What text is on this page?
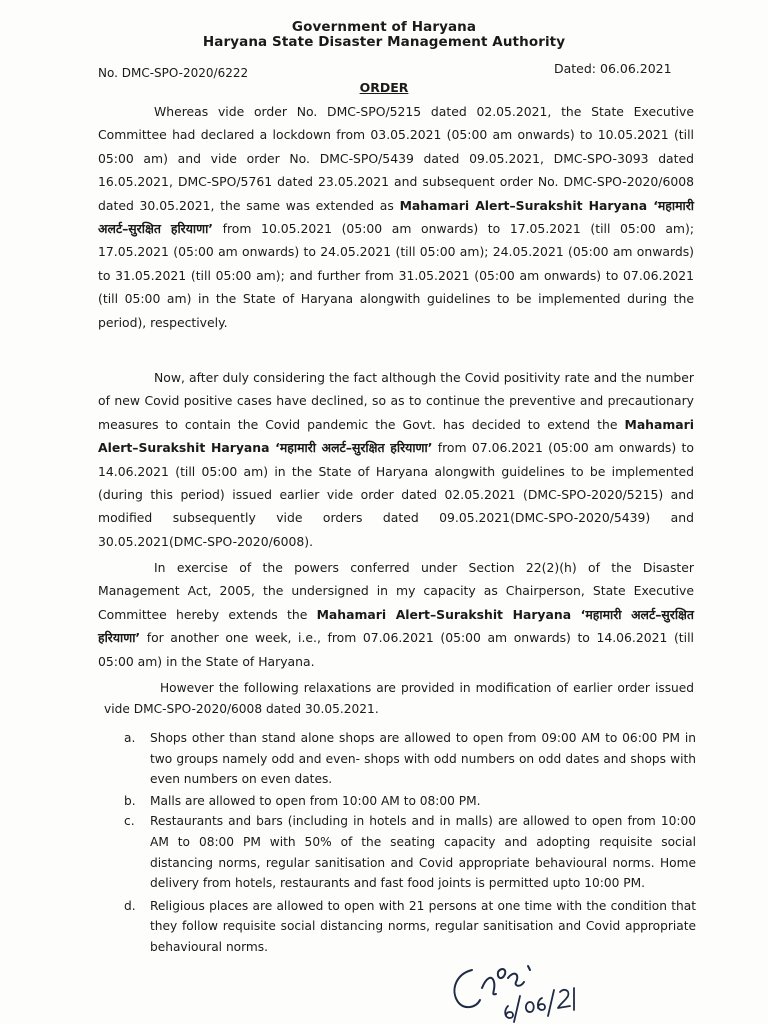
Government of Haryana
Haryana State Disaster Management Authority
No. DMC-SPO-2020/6222	Dated: 06.06.2021
ORDER
Whereas vide order No. DMC-SPO/5215 dated 02.05.2021, the State Executive Committee had declared a lockdown from 03.05.2021 (05:00 am onwards) to 10.05.2021 (till 05:00 am) and vide order No. DMC-SPO/5439 dated 09.05.2021, DMC-SPO-3093 dated 16.05.2021, DMC-SPO/5761 dated 23.05.2021 and subsequent order No. DMC-SPO-2020/6008 dated 30.05.2021, the same was extended as Mahamari Alert–Surakshit Haryana ‘महामारी अलर्ट–सुरक्षित हरियाणा’ from 10.05.2021 (05:00 am onwards) to 17.05.2021 (till 05:00 am); 17.05.2021 (05:00 am onwards) to 24.05.2021 (till 05:00 am); 24.05.2021 (05:00 am onwards) to 31.05.2021 (till 05:00 am); and further from 31.05.2021 (05:00 am onwards) to 07.06.2021 (till 05:00 am) in the State of Haryana alongwith guidelines to be implemented during the period), respectively.
Now, after duly considering the fact although the Covid positivity rate and the number of new Covid positive cases have declined, so as to continue the preventive and precautionary measures to contain the Covid pandemic the Govt. has decided to extend the Mahamari Alert–Surakshit Haryana ‘महामारी अलर्ट–सुरक्षित हरियाणा’ from 07.06.2021 (05:00 am onwards) to 14.06.2021 (till 05:00 am) in the State of Haryana alongwith guidelines to be implemented (during this period) issued earlier vide order dated 02.05.2021 (DMC-SPO-2020/5215) and modified subsequently vide orders dated 09.05.2021(DMC-SPO-2020/5439) and 30.05.2021(DMC-SPO-2020/6008).
In exercise of the powers conferred under Section 22(2)(h) of the Disaster Management Act, 2005, the undersigned in my capacity as Chairperson, State Executive Committee hereby extends the Mahamari Alert–Surakshit Haryana ‘महामारी अलर्ट–सुरक्षित हरियाणा’ for another one week, i.e., from 07.06.2021 (05:00 am onwards) to 14.06.2021 (till 05:00 am) in the State of Haryana.
However the following relaxations are provided in modification of earlier order issued vide DMC-SPO-2020/6008 dated 30.05.2021.
a. Shops other than stand alone shops are allowed to open from 09:00 AM to 06:00 PM in two groups namely odd and even- shops with odd numbers on odd dates and shops with even numbers on even dates.
b. Malls are allowed to open from 10:00 AM to 08:00 PM.
c. Restaurants and bars (including in hotels and in malls) are allowed to open from 10:00 AM to 08:00 PM with 50% of the seating capacity and adopting requisite social distancing norms, regular sanitisation and Covid appropriate behavioural norms. Home delivery from hotels, restaurants and fast food joints is permitted upto 10:00 PM.
d. Religious places are allowed to open with 21 persons at one time with the condition that they follow requisite social distancing norms, regular sanitisation and Covid appropriate behavioural norms.
